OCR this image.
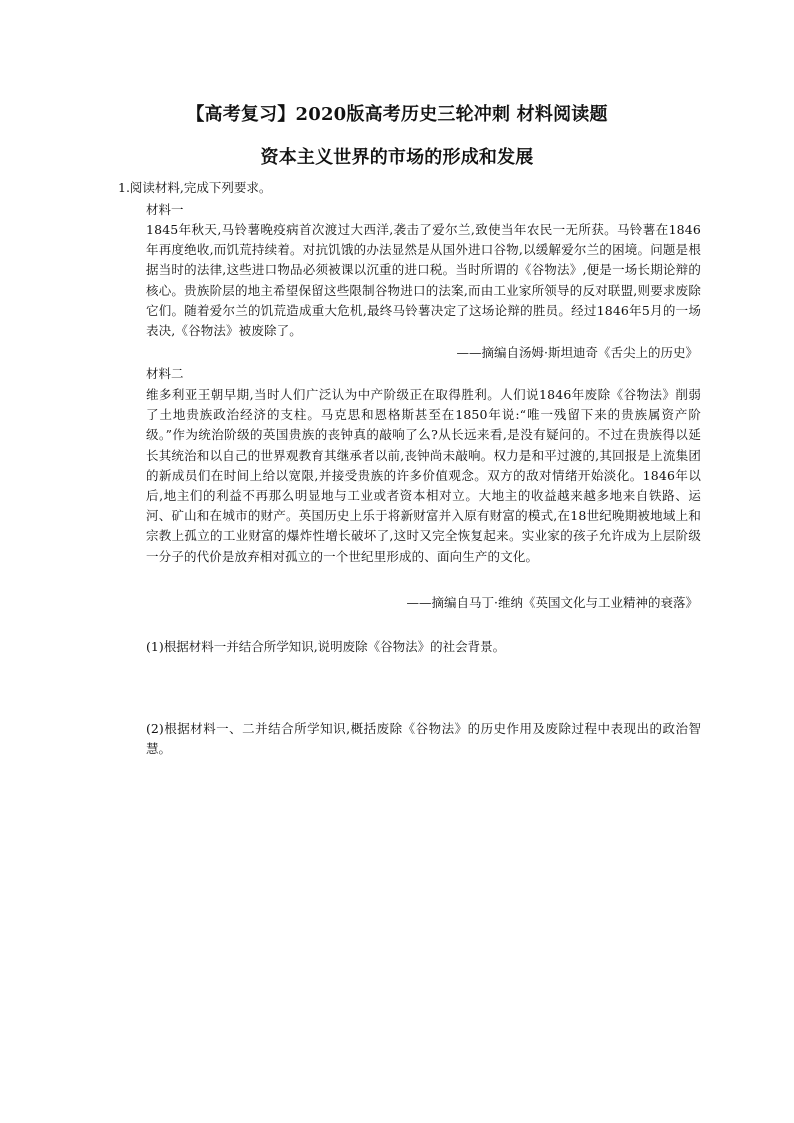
【高考复习】2020版高考历史三轮冲刺 材料阅读题
资本主义世界的市场的形成和发展
1.阅读材料,完成下列要求。
材料一

1845年秋天,马铃薯晚疫病首次渡过大西洋,袭击了爱尔兰,致使当年农民一无所获。马铃薯在1846年再度绝收,而饥荒持续着。对抗饥饿的办法显然是从国外进口谷物,以缓解爱尔兰的困境。问题是根据当时的法律,这些进口物品必须被课以沉重的进口税。当时所谓的《谷物法》,便是一场长期论辩的核心。贵族阶层的地主希望保留这些限制谷物进口的法案,而由工业家所领导的反对联盟,则要求废除它们。随着爱尔兰的饥荒造成重大危机,最终马铃薯决定了这场论辩的胜员。经过1846年5月的一场表决,《谷物法》被废除了。

——摘编自汤姆·斯坦迪奇《舌尖上的历史》
材料二

维多利亚王朝早期,当时人们广泛认为中产阶级正在取得胜利。人们说1846年废除《谷物法》削弱了土地贵族政治经济的支柱。马克思和恩格斯甚至在1850年说:“唯一残留下来的贵族属资产阶级。”作为统治阶级的英国贵族的丧钟真的敲响了么?从长远来看,是没有疑问的。不过在贵族得以延长其统治和以自己的世界观教育其继承者以前,丧钟尚未敲响。权力是和平过渡的,其回报是上流集团的新成员们在时间上给以宽限,并接受贵族的许多价值观念。双方的敌对情绪开始淡化。1846年以后,地主们的利益不再那么明显地与工业或者资本相对立。大地主的收益越来越多地来自铁路、运河、矿山和在城市的财产。英国历史上乐于将新财富并入原有财富的模式,在18世纪晚期被地域上和宗教上孤立的工业财富的爆炸性增长破坏了,这时又完全恢复起来。实业家的孩子允许成为上层阶级一分子的代价是放弃相对孤立的一个世纪里形成的、面向生产的文化。

——摘编自马丁·维纳《英国文化与工业精神的衰落》

(1)根据材料一并结合所学知识,说明废除《谷物法》的社会背景。

(2)根据材料一、二并结合所学知识,概括废除《谷物法》的历史作用及废除过程中表现出的政治智慧。
